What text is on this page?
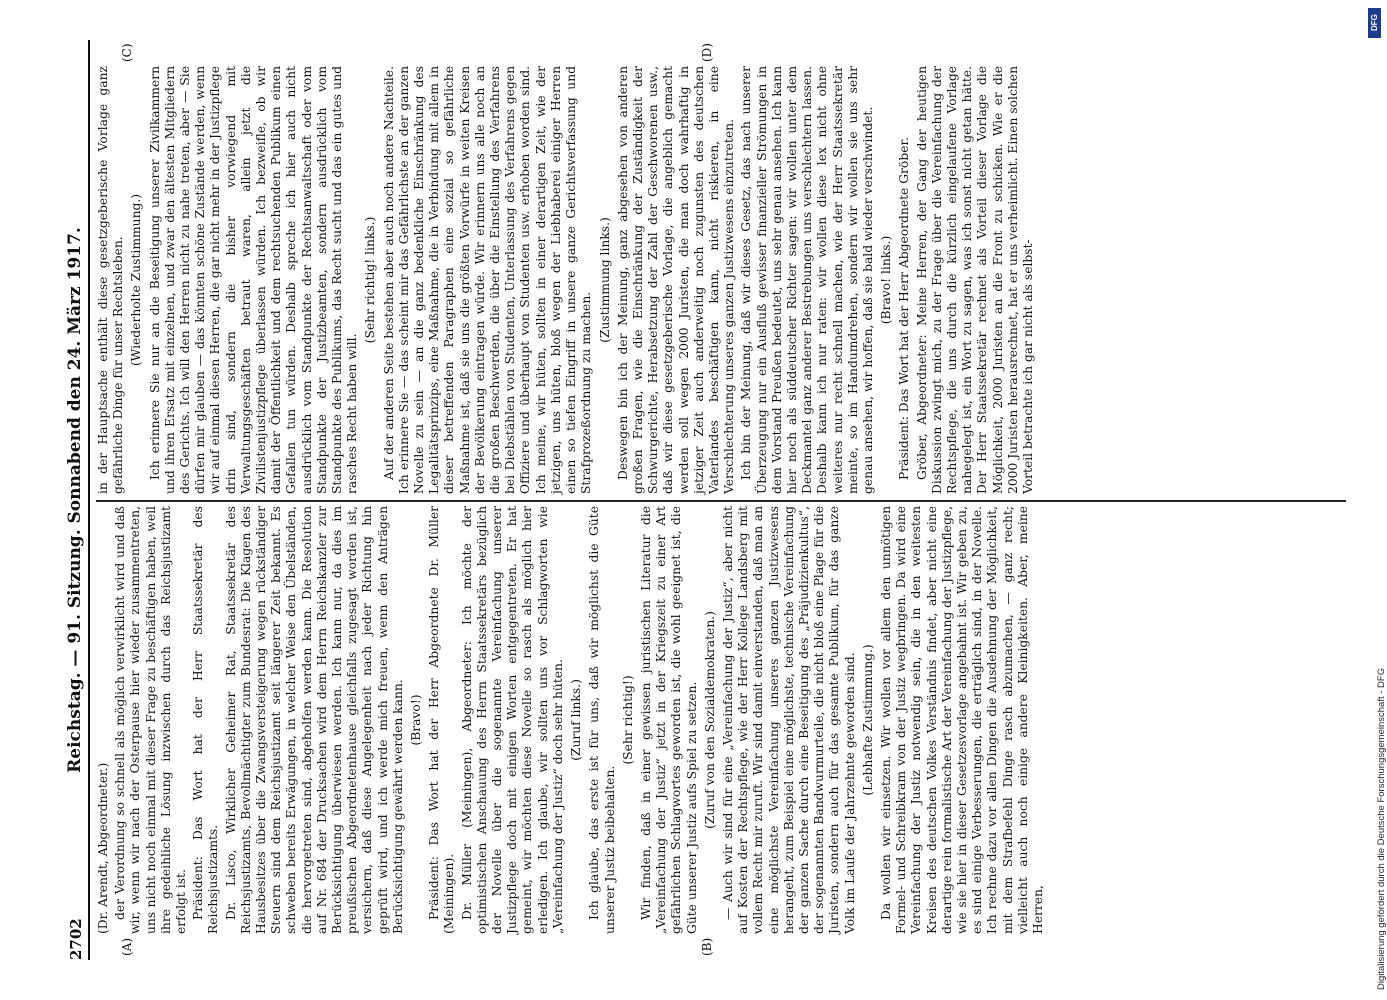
2702
Reichstag. — 91. Sitzung. Sonnabend den 24. März 1917.
(A)	(B)
(C)	(D)

(Dr. Arendt, Abgeordneter.) der Verordnung so schnell als möglich verwirklicht wird und daß wir, wenn wir nach der Osterpause hier wieder zusammentreten, uns nicht noch einmal mit dieser Frage zu beschäftigen haben, weil ihre gedeihliche Lösung inzwischen durch das Reichsjustizamt erfolgt ist. Präsident: Das Wort hat der Herr Staatssekretär des Reichsjustizamts. Dr. Lisco, Wirklicher Geheimer Rat, Staatssekretär des Reichsjustizamts, Bevollmächtigter zum Bundesrat: Die Klagen des Hausbesitzes über die Zwangsversteigerung wegen rückständiger Steuern sind dem Reichsjustizamt seit längerer Zeit bekannt. Es schweben bereits Erwägungen, in welcher Weise den Übelständen, die hervorgetreten sind, abgeholfen werden kann. Die Resolution auf Nr. 684 der Drucksachen wird dem Herrn Reichskanzler zur Berücksichtigung überwiesen werden. Ich kann nur, da dies im preußischen Abgeordnetenhause gleichfalls zugesagt worden ist, versichern, daß diese Angelegenheit nach jeder Richtung hin geprüft wird, und ich werde mich freuen, wenn den Anträgen Berücksichtigung gewährt werden kann. (Bravo!) Präsident: Das Wort hat der Herr Abgeordnete Dr. Müller (Meiningen). Dr. Müller (Meiningen), Abgeordneter: Ich möchte der optimistischen Anschauung des Herrn Staatssekretärs bezüglich der Novelle über die sogenannte Vereinfachung unserer Justizpflege doch mit einigen Worten entgegentreten. Er hat gemeint, wir möchten diese Novelle so rasch als möglich hier erledigen. Ich glaube, wir sollten uns vor Schlagworten wie „Vereinfachung der Justiz“ doch sehr hüten. (Zuruf links.) Ich glaube, das erste ist für uns, daß wir möglichst die Güte unserer Justiz beibehalten.

(Sehr richtig!) Wir finden, daß in einer gewissen juristischen Literatur die „Vereinfachung der Justiz“ jetzt in der Kriegszeit zu einer Art gefährlichen Schlagwortes geworden ist, die wohl geeignet ist, die Güte unserer Justiz aufs Spiel zu setzen. (Zuruf von den Sozialdemokraten.) — Auch wir sind für eine „Vereinfachung der Justiz“, aber nicht auf Kosten der Rechtspflege, wie der Herr Kollege Landsberg mit vollem Recht mir zuruft. Wir sind damit einverstanden, daß man an eine möglichste Vereinfachung unseres ganzen Justizwesens herangeht, zum Beispiel eine möglichste, technische Vereinfachung der ganzen Sache durch eine Beseitigung des „Präjudizienkultus“, der sogenannten Bandwurmurteile, die nicht bloß eine Plage für die Juristen, sondern auch für das gesamte Publikum, für das ganze Volk im Laufe der Jahrzehnte geworden sind. (Lebhafte Zustimmung.) Da wollen wir einsetzen. Wir wollen vor allem den unnötigen Formel- und Schreibkram von der Justiz wegbringen. Da wird eine Vereinfachung der Justiz notwendig sein, die in den weitesten Kreisen des deutschen Volkes Verständnis findet, aber nicht eine derartige rein formalistische Art der Vereinfachung der Justizpflege, wie sie hier in dieser Gesetzesvorlage angebahnt ist. Wir geben zu, es sind einige Verbesserungen, die erträglich sind, in der Novelle. Ich rechne dazu vor allen Dingen die Ausdehnung der Möglichkeit, mit dem Strafbefehl Dinge rasch abzumachen, — ganz recht; vielleicht auch noch einige andere Kleinigkeiten. Aber, meine Herren,

in der Hauptsache enthält diese gesetzgeberische Vorlage ganz gefährliche Dinge für unser Rechtsleben. (Wiederholte Zustimmung.) Ich erinnere Sie nur an die Beseitigung unserer Zivilkammern und ihren Ersatz mit einzelnen, und zwar den ältesten Mitgliedern des Gerichts. Ich will den Herren nicht zu nahe treten, aber — Sie dürfen mir glauben — das könnten schöne Zustände werden, wenn wir auf einmal diesen Herren, die gar nicht mehr in der Justizpflege drin sind, sondern die bisher vorwiegend mit Verwaltungsgeschäften betraut waren, allein jetzt die Zivilistenjustizpflege überlassen würden. Ich bezweifle, ob wir damit der Öffentlichkeit und dem rechtsuchenden Publikum einen Gefallen tun würden. Deshalb spreche ich hier auch nicht ausdrücklich vom Standpunkte der Rechtsanwaltschaft oder vom Standpunkte der Justizbeamten, sondern ausdrücklich vom Standpunkte des Publikums, das Recht sucht und das ein gutes und rasches Recht haben will.

(Sehr richtig! links.) Auf der anderen Seite bestehen aber auch noch andere Nachteile. Ich erinnere Sie — das scheint mir das Gefährlichste an der ganzen Novelle zu sein — an die ganz bedenkliche Einschränkung des Legalitätsprinzips, eine Maßnahme, die in Verbindung mit allem in dieser betreffenden Paragraphen eine sozial so gefährliche Maßnahme ist, daß sie uns die größten Vorwürfe in weiten Kreisen der Bevölkerung eintragen würde. Wir erinnern uns alle noch an die großen Beschwerden, die über die Einstellung des Verfahrens bei Diebstählen von Studenten, Unterlassung des Verfahrens gegen Offiziere und überhaupt von Studenten usw. erhoben worden sind. Ich meine, wir hüten, sollten in einer derartigen Zeit, wie der jetzigen, uns hüten, bloß wegen der Liebhaberei einiger Herren einen so tiefen Eingriff in unsere ganze Gerichtsverfassung und Strafprozeßordnung zu machen.

(Zustimmung links.) Deswegen bin ich der Meinung, ganz abgesehen von anderen großen Fragen, wie die Einschränkung der Zuständigkeit der Schwurgerichte, Herabsetzung der Zahl der Geschworenen usw., daß wir diese gesetzgeberische Vorlage, die angeblich gemacht werden soll wegen 2000 Juristen, die man doch wahrhaftig in jetziger Zeit auch anderweitig noch zugunsten des deutschen Vaterlandes beschäftigen kann, nicht riskieren, in eine Verschlechterung unseres ganzen Justizwesens einzutreten. Ich bin der Meinung, daß wir dieses Gesetz, das nach unserer Überzeugung nur ein Ausfluß gewisser finanzieller Strömungen in dem Vorstand Preußen bedeutet, uns sehr genau ansehen. Ich kann hier noch als süddeutscher Richter sagen: wir wollen unter dem Deckmantel ganz anderer Bestrebungen uns verschlechtern lassen. Deshalb kann ich nur raten: wir wollen diese lex nicht ohne weiteres nur recht schnell machen, wie der Herr Staatssekretär meinte, so im Handumdrehen, sondern wir wollen sie uns sehr genau ansehen, wir hoffen, daß sie bald wieder verschwindet. (Bravo! links.) Präsident: Das Wort hat der Herr Abgeordnete Gröber. Gröber, Abgeordneter: Meine Herren, der Gang der heutigen Diskussion zwingt mich, zu der Frage über die Vereinfachung der Rechtspflege, die uns durch die kürzlich eingelaufene Vorlage nahegelegt ist, ein Wort zu sagen, was ich sonst nicht getan hätte. Der Herr Staatssekretär rechnet als Vorteil dieser Vorlage die Möglichkeit, 2000 Juristen an die Front zu schicken. Wie er die 2000 Juristen herausrechnet, hat er uns verheimlicht. Einen solchen Vorteil betrachte ich gar nicht als selbst-

DFG
Digitalisierung gefördert durch die Deutsche Forschungsgemeinschaft - DFG
